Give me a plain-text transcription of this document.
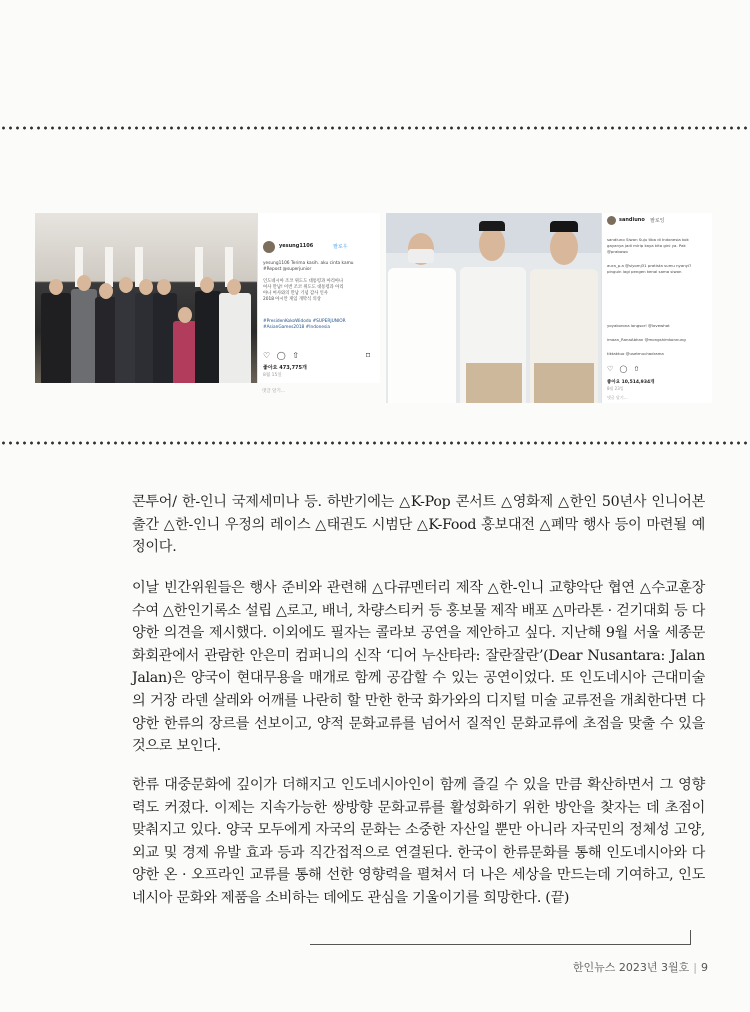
yesung1106	팔로우
yesung1106 Terima kasih. aku cinta kamu
#Repost @superjunior
인도네시아 조코 위도도 대통령과 아리아나
여사 만남! 이번 조코 위도도 대통령과 아리
아나 여사와의 만남 기념 감사 인사
2018 아시안 게임 개막식 의상
#PresidenKokoWidodo #SUPERJUNIOR #AsianGames2018 #Indonesia
♡ ◯ ⇧	⌑
좋아요 473,775개
8월 15일
sandiuno 팔로잉
sandiuno Siwon Suju tiba di Indonesia kok
gayanya jadi mirip kaya kita gini ya. Pak
@prabowo
aura_p.a @siyomj31 pratista sumu nyanyi?
pinguin lagi pengen kenal sama siwon
yoyakorona longsor! @lovewhat
imaan_RanaAbhan @mongshimkonnung
tiktaktuo @usetmuchadrama
♡ ◯ ⇧
좋아요 10,514,934개
8월 23일
댓글 달기...
댓글 달기...

콘투어/ 한-인니 국제세미나 등. 하반기에는 △K-Pop 콘서트 △영화제 △한인 50년사 인니어본 출간 △한-인니 우정의 레이스 △태권도 시범단 △K-Food 홍보대전 △폐막 행사 등이 마련될 예정이다.

이날 빈간위원들은 행사 준비와 관련해 △다큐멘터리 제작 △한-인니 교향악단 협연 △수교훈장 수여 △한인기록소 설립 △로고, 배너, 차량스티커 등 홍보물 제작 배포 △마라톤 · 걷기대회 등 다양한 의견을 제시했다. 이외에도 필자는 콜라보 공연을 제안하고 싶다. 지난해 9월 서울 세종문화회관에서 관람한 안은미 컴퍼니의 신작 ‘디어 누산타라: 잘란잘란’(Dear Nusantara: Jalan Jalan)은 양국이 현대무용을 매개로 함께 공감할 수 있는 공연이었다. 또 인도네시아 근대미술의 거장 라덴 살레와 어깨를 나란히 할 만한 한국 화가와의 디지털 미술 교류전을 개최한다면 다양한 한류의 장르를 선보이고, 양적 문화교류를 넘어서 질적인 문화교류에 초점을 맞출 수 있을 것으로 보인다.

한류 대중문화에 깊이가 더해지고 인도네시아인이 함께 즐길 수 있을 만큼 확산하면서 그 영향력도 커졌다. 이제는 지속가능한 쌍방향 문화교류를 활성화하기 위한 방안을 찾자는 데 초점이 맞춰지고 있다. 양국 모두에게 자국의 문화는 소중한 자산일 뿐만 아니라 자국민의 정체성 고양, 외교 및 경제 유발 효과 등과 직간접적으로 연결된다. 한국이 한류문화를 통해 인도네시아와 다양한 온 · 오프라인 교류를 통해 선한 영향력을 펼쳐서 더 나은 세상을 만드는데 기여하고, 인도네시아 문화와 제품을 소비하는 데에도 관심을 기울이기를 희망한다. (끝)

한인뉴스 2023년 3월호 | 9
